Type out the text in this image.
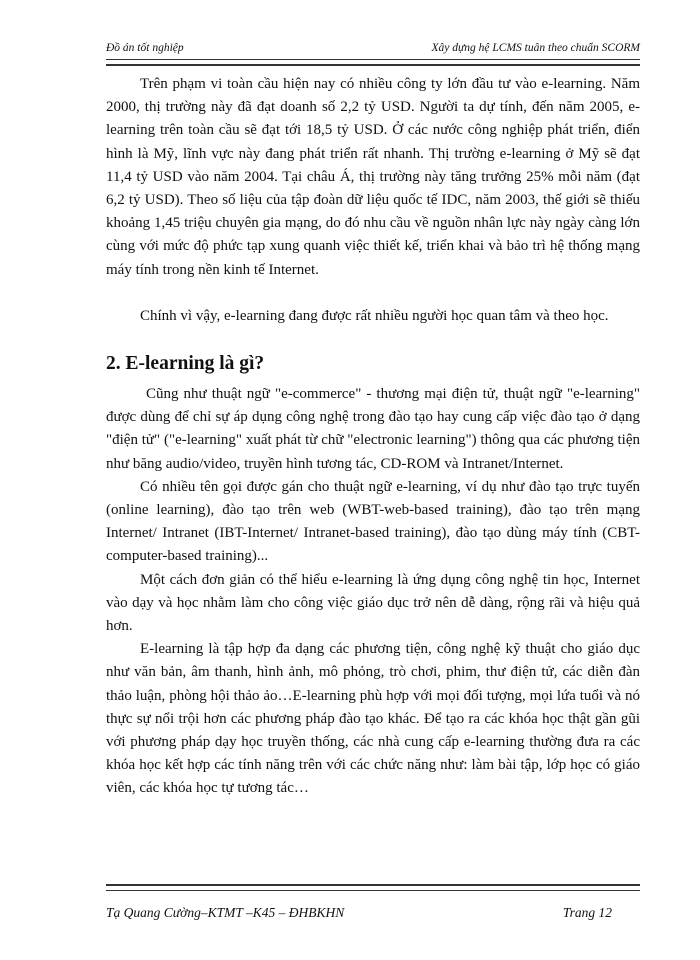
Đồ án tốt nghiệp	Xây dựng hệ LCMS tuân theo chuẩn SCORM

Trên phạm vi toàn cầu hiện nay có nhiều công ty lớn đầu tư vào e-learning. Năm 2000, thị trường này đã đạt doanh số 2,2 tỷ USD. Người ta dự tính, đến năm 2005, e-learning trên toàn cầu sẽ đạt tới 18,5 tỷ USD. Ở các nước công nghiệp phát triển, điển hình là Mỹ, lĩnh vực này đang phát triển rất nhanh. Thị trường e-learning ở Mỹ sẽ đạt 11,4 tỷ USD vào năm 2004. Tại châu Á, thị trường này tăng trưởng 25% mỗi năm (đạt 6,2 tỷ USD). Theo số liệu của tập đoàn dữ liệu quốc tế IDC, năm 2003, thế giới sẽ thiếu khoảng 1,45 triệu chuyên gia mạng, do đó nhu cầu về nguồn nhân lực này ngày càng lớn cùng với mức độ phức tạp xung quanh việc thiết kế, triển khai và bảo trì hệ thống mạng máy tính trong nền kinh tế Internet.

Chính vì vậy, e-learning đang được rất nhiều người học quan tâm và theo học.

2. E-learning là gì?

Cũng như thuật ngữ "e-commerce" - thương mại điện tử, thuật ngữ "e-learning" được dùng để chỉ sự áp dụng công nghệ trong đào tạo hay cung cấp việc đào tạo ở dạng "điện tử" ("e-learning" xuất phát từ chữ "electronic learning") thông qua các phương tiện như băng audio/video, truyền hình tương tác, CD-ROM và Intranet/Internet.

Có nhiều tên gọi được gán cho thuật ngữ e-learning, ví dụ như đào tạo trực tuyến (online learning), đào tạo trên web (WBT-web-based training), đào tạo trên mạng Internet/ Intranet (IBT-Internet/ Intranet-based training), đào tạo dùng máy tính (CBT-computer-based training)...

Một cách đơn giản có thể hiểu e-learning là ứng dụng công nghệ tin học, Internet vào dạy và học nhằm làm cho công việc giáo dục trở nên dễ dàng, rộng rãi và hiệu quả hơn.

E-learning là tập hợp đa dạng các phương tiện, công nghệ kỹ thuật cho giáo dục như văn bản, âm thanh, hình ảnh, mô phỏng, trò chơi, phim, thư điện tử, các diễn đàn thảo luận, phòng hội thảo ảo…E-learning phù hợp với mọi đối tượng, mọi lứa tuổi và nó thực sự nổi trội hơn các phương pháp đào tạo khác. Để tạo ra các khóa học thật gần gũi với phương pháp dạy học truyền thống, các nhà cung cấp e-learning thường đưa ra các khóa học kết hợp các tính năng trên với các chức năng như: làm bài tập, lớp học có giáo viên, các khóa học tự tương tác…

Tạ Quang Cường–KTMT –K45 – ĐHBKHN	Trang 12
